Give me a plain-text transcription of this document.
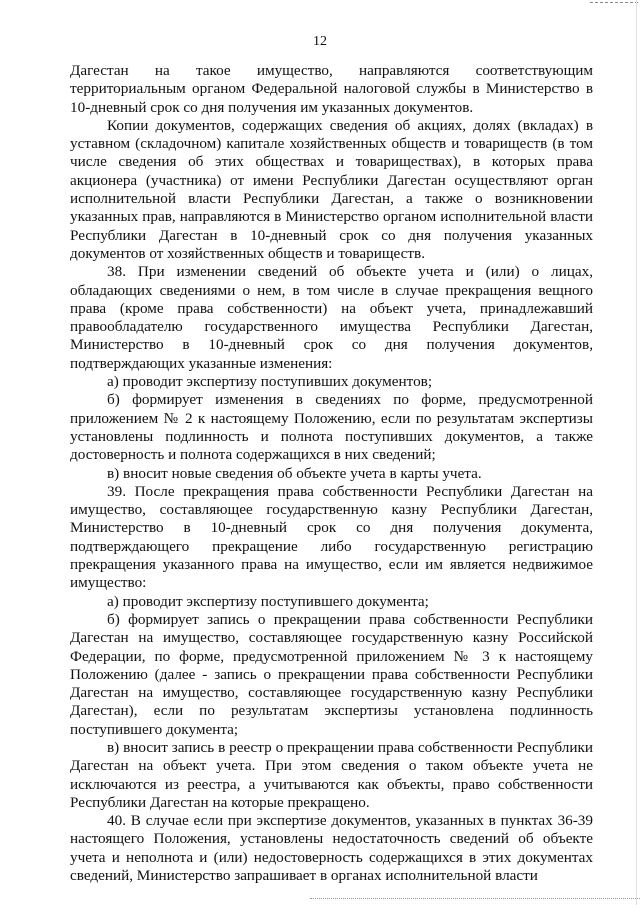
12

Дагестан на такое имущество, направляются соответствующим территориальным органом Федеральной налоговой службы в Министерство в 10-дневный срок со дня получения им указанных документов.

Копии документов, содержащих сведения об акциях, долях (вкладах) в уставном (складочном) капитале хозяйственных обществ и товариществ (в том числе сведения об этих обществах и товариществах), в которых права акционера (участника) от имени Республики Дагестан осуществляют орган исполнительной власти Республики Дагестан, а также о возникновении указанных прав, направляются в Министерство органом исполнительной власти Республики Дагестан в 10-дневный срок со дня получения указанных документов от хозяйственных обществ и товариществ.

38. При изменении сведений об объекте учета и (или) о лицах, обладающих сведениями о нем, в том числе в случае прекращения вещного права (кроме права собственности) на объект учета, принадлежавший правообладателю государственного имущества Республики Дагестан, Министерство в 10-дневный срок со дня получения документов, подтверждающих указанные изменения:

а) проводит экспертизу поступивших документов;

б) формирует изменения в сведениях по форме, предусмотренной приложением № 2 к настоящему Положению, если по результатам экспертизы установлены подлинность и полнота поступивших документов, а также достоверность и полнота содержащихся в них сведений;

в) вносит новые сведения об объекте учета в карты учета.

39. После прекращения права собственности Республики Дагестан на имущество, составляющее государственную казну Республики Дагестан, Министерство в 10-дневный срок со дня получения документа, подтверждающего прекращение либо государственную регистрацию прекращения указанного права на имущество, если им является недвижимое имущество:

а) проводит экспертизу поступившего документа;

б) формирует запись о прекращении права собственности Республики Дагестан на имущество, составляющее государственную казну Российской Федерации, по форме, предусмотренной приложением № 3 к настоящему Положению (далее - запись о прекращении права собственности Республики Дагестан на имущество, составляющее государственную казну Республики Дагестан), если по результатам экспертизы установлена подлинность поступившего документа;

в) вносит запись в реестр о прекращении права собственности Республики Дагестан на объект учета. При этом сведения о таком объекте учета не исключаются из реестра, а учитываются как объекты, право собственности Республики Дагестан на которые прекращено.

40. В случае если при экспертизе документов, указанных в пунктах 36-39 настоящего Положения, установлены недостаточность сведений об объекте учета и неполнота и (или) недостоверность содержащихся в этих документах сведений, Министерство запрашивает в органах исполнительной власти
